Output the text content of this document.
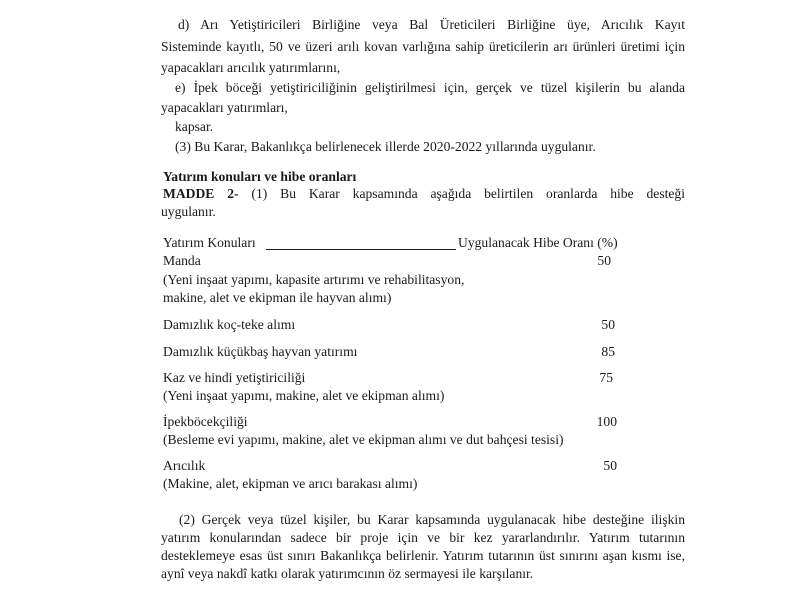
d) Arı Yetiştiricileri Birliğine veya Bal Üreticileri Birliğine üye, Arıcılık Kayıt
Sisteminde kayıtlı, 50 ve üzeri arılı kovan varlığına sahip üreticilerin arı ürünleri üretimi için
yapacakları arıcılık yatırımlarını,
e) İpek böceği yetiştiriciliğinin geliştirilmesi için, gerçek ve tüzel kişilerin bu alanda
yapacakları yatırımları,
kapsar.
(3) Bu Karar, Bakanlıkça belirlenecek illerde 2020-2022 yıllarında uygulanır.
Yatırım konuları ve hibe oranları
MADDE 2- (1) Bu Karar kapsamında aşağıda belirtilen oranlarda hibe desteği
uygulanır.
Yatırım Konuları	Uygulanacak Hibe Oranı (%)
Manda	50
(Yeni inşaat yapımı, kapasite artırımı ve rehabilitasyon,
makine, alet ve ekipman ile hayvan alımı)
Damızlık koç-teke alımı	50
Damızlık küçükbaş hayvan yatırımı	85
Kaz ve hindi yetiştiriciliği	75
(Yeni inşaat yapımı, makine, alet ve ekipman alımı)
İpekböcekçiliği	100
(Besleme evi yapımı, makine, alet ve ekipman alımı ve dut bahçesi tesisi)
Arıcılık	50
(Makine, alet, ekipman ve arıcı barakası alımı)
(2) Gerçek veya tüzel kişiler, bu Karar kapsamında uygulanacak hibe desteğine ilişkin
yatırım konularından sadece bir proje için ve bir kez yararlandırılır. Yatırım tutarının
desteklemeye esas üst sınırı Bakanlıkça belirlenir. Yatırım tutarının üst sınırını aşan kısmı ise,
aynî veya nakdî katkı olarak yatırımcının öz sermayesi ile karşılanır.
